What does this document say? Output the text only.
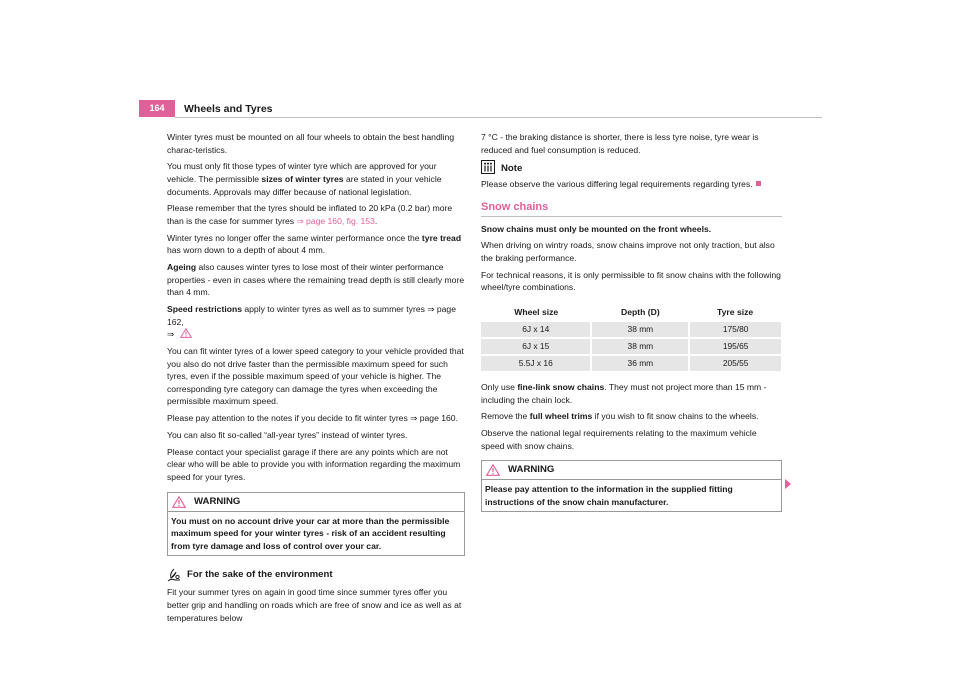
164	Wheels and Tyres

Winter tyres must be mounted on all four wheels to obtain the best handling charac-teristics.

You must only fit those types of winter tyre which are approved for your vehicle. The permissible sizes of winter tyres are stated in your vehicle documents. Approvals may differ because of national legislation.

Please remember that the tyres should be inflated to 20 kPa (0.2 bar) more than is the case for summer tyres ⇒ page 160, fig. 153.

Winter tyres no longer offer the same winter performance once the tyre tread has worn down to a depth of about 4 mm.

Ageing also causes winter tyres to lose most of their winter performance properties - even in cases where the remaining tread depth is still clearly more than 4 mm.

Speed restrictions apply to winter tyres as well as to summer tyres ⇒ page 162,
⇒

You can fit winter tyres of a lower speed category to your vehicle provided that you also do not drive faster than the permissible maximum speed for such tyres, even if the possible maximum speed of your vehicle is higher. The corresponding tyre category can damage the tyres when exceeding the permissible maximum speed.

Please pay attention to the notes if you decide to fit winter tyres ⇒ page 160.

You can also fit so-called “all-year tyres” instead of winter tyres.

Please contact your specialist garage if there are any points which are not clear who will be able to provide you with information regarding the maximum speed for your tyres.

WARNING
You must on no account drive your car at more than the permissible maximum speed for your winter tyres - risk of an accident resulting from tyre damage and loss of control over your car.
For the sake of the environment

Fit your summer tyres on again in good time since summer tyres offer you better grip and handling on roads which are free of snow and ice as well as at temperatures below

7 °C - the braking distance is shorter, there is less tyre noise, tyre wear is reduced and fuel consumption is reduced.

Note

Please observe the various differing legal requirements regarding tyres.

Snow chains

Snow chains must only be mounted on the front wheels.

When driving on wintry roads, snow chains improve not only traction, but also the braking performance.

For technical reasons, it is only permissible to fit snow chains with the following wheel/tyre combinations.

Wheel size	Depth (D)	Tyre size
6J x 14	38 mm	175/80
6J x 15	38 mm	195/65
5.5J x 16	36 mm	205/55

Only use fine-link snow chains. They must not project more than 15 mm - including the chain lock.

Remove the full wheel trims if you wish to fit snow chains to the wheels.

Observe the national legal requirements relating to the maximum vehicle speed with snow chains.

WARNING
Please pay attention to the information in the supplied fitting instructions of the snow chain manufacturer.
